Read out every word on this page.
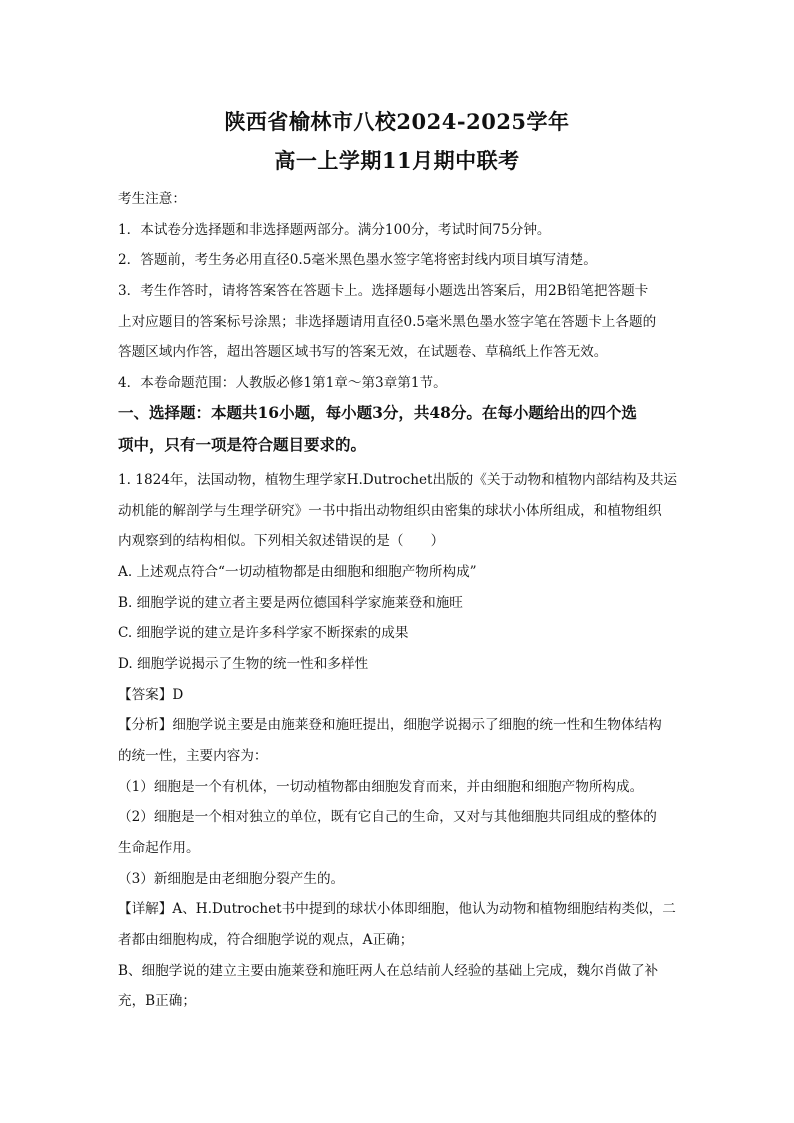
陕西省榆林市八校2024-2025学年
高一上学期11月期中联考
考生注意：
1．本试卷分选择题和非选择题两部分。满分100分，考试时间75分钟。
2．答题前，考生务必用直径0.5毫米黑色墨水签字笔将密封线内项目填写清楚。
3．考生作答时，请将答案答在答题卡上。选择题每小题选出答案后，用2B铅笔把答题卡
上对应题目的答案标号涂黑；非选择题请用直径0.5毫米黑色墨水签字笔在答题卡上各题的
答题区域内作答，超出答题区域书写的答案无效，在试题卷、草稿纸上作答无效。
4．本卷命题范围：人教版必修1第1章～第3章第1节。
一、选择题：本题共16小题，每小题3分，共48分。在每小题给出的四个选
项中，只有一项是符合题目要求的。
1. 1824年，法国动物，植物生理学家H.Dutrochet出版的《关于动物和植物内部结构及共运
动机能的解剖学与生理学研究》一书中指出动物组织由密集的球状小体所组成，和植物组织
内观察到的结构相似。下列相关叙述错误的是（　　）
A. 上述观点符合“一切动植物都是由细胞和细胞产物所构成”
B. 细胞学说的建立者主要是两位德国科学家施莱登和施旺
C. 细胞学说的建立是许多科学家不断探索的成果
D. 细胞学说揭示了生物的统一性和多样性
【答案】D
【分析】细胞学说主要是由施莱登和施旺提出，细胞学说揭示了细胞的统一性和生物体结构
的统一性，主要内容为：
（1）细胞是一个有机体，一切动植物都由细胞发育而来，并由细胞和细胞产物所构成。
（2）细胞是一个相对独立的单位，既有它自己的生命，又对与其他细胞共同组成的整体的
生命起作用。
（3）新细胞是由老细胞分裂产生的。
【详解】A、H.Dutrochet书中提到的球状小体即细胞，他认为动物和植物细胞结构类似，二
者都由细胞构成，符合细胞学说的观点，A正确；
B、细胞学说的建立主要由施莱登和施旺两人在总结前人经验的基础上完成，魏尔肖做了补
充，B正确；
